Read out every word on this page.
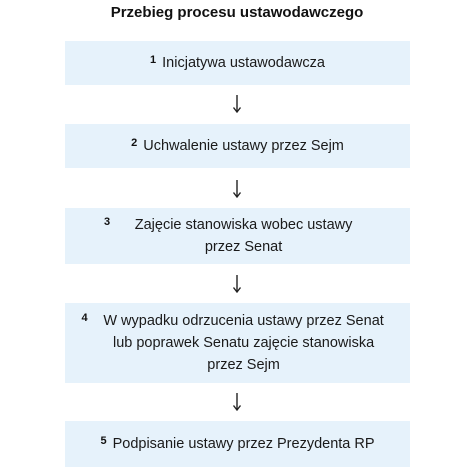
Przebieg procesu ustawodawczego
1 Inicjatywa ustawodawcza
2 Uchwalenie ustawy przez Sejm
3	Zajęcie stanowiska wobec ustawy przez Senat
4	W wypadku odrzucenia ustawy przez Senat lub poprawek Senatu zajęcie stanowiska przez Sejm
5 Podpisanie ustawy przez Prezydenta RP
